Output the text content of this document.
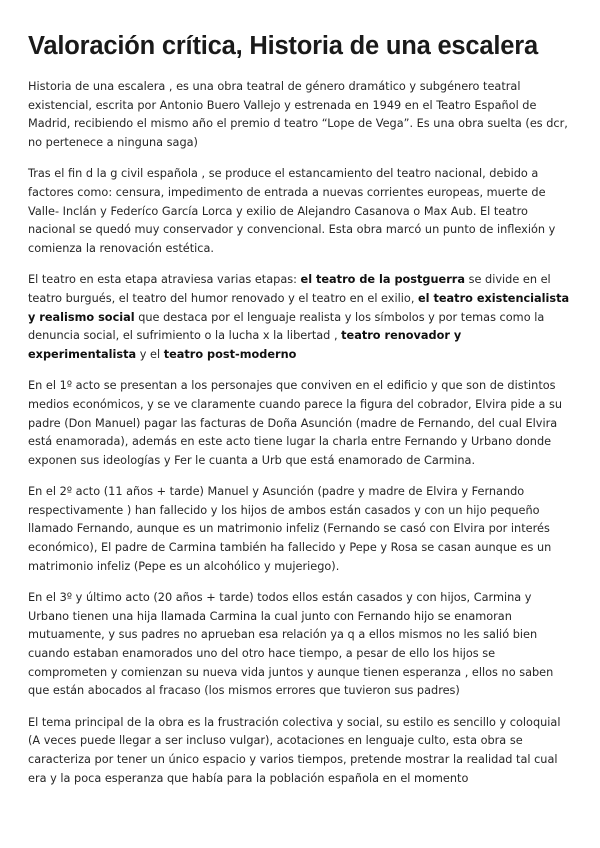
Valoración crítica, Historia de una escalera

Historia de una escalera , es una obra teatral de género dramático y subgénero teatral existencial, escrita por Antonio Buero Vallejo y estrenada en 1949 en el Teatro Español de Madrid, recibiendo el mismo año el premio d teatro “Lope de Vega”. Es una obra suelta (es dcr, no pertenece a ninguna saga)

Tras el fin d la g civil española , se produce el estancamiento del teatro nacional, debido a factores como: censura, impedimento de entrada a nuevas corrientes europeas, muerte de Valle- Inclán y Federíco García Lorca y exilio de Alejandro Casanova o Max Aub. El teatro nacional se quedó muy conservador y convencional. Esta obra marcó un punto de inflexión y comienza la renovación estética.

El teatro en esta etapa atraviesa varias etapas: el teatro de la postguerra se divide en el teatro burgués, el teatro del humor renovado y el teatro en el exilio, el teatro existencialista y realismo social que destaca por el lenguaje realista y los símbolos y por temas como la denuncia social, el sufrimiento o la lucha x la libertad , teatro renovador y experimentalista y el teatro post-moderno

En el 1º acto se presentan a los personajes que conviven en el edificio y que son de distintos medios económicos, y se ve claramente cuando parece la figura del cobrador, Elvira pide a su padre (Don Manuel) pagar las facturas de Doña Asunción (madre de Fernando, del cual Elvira está enamorada), además en este acto tiene lugar la charla entre Fernando y Urbano donde exponen sus ideologías y Fer le cuanta a Urb que está enamorado de Carmina.

En el 2º acto (11 años + tarde) Manuel y Asunción (padre y madre de Elvira y Fernando respectivamente ) han fallecido y los hijos de ambos están casados y con un hijo pequeño llamado Fernando, aunque es un matrimonio infeliz (Fernando se casó con Elvira por interés económico), El padre de Carmina también ha fallecido y Pepe y Rosa se casan aunque es un matrimonio infeliz (Pepe es un alcohólico y mujeriego).

En el 3º y último acto (20 años + tarde) todos ellos están casados y con hijos, Carmina y Urbano tienen una hija llamada Carmina la cual junto con Fernando hijo se enamoran mutuamente, y sus padres no aprueban esa relación ya q a ellos mismos no les salió bien cuando estaban enamorados uno del otro hace tiempo, a pesar de ello los hijos se comprometen y comienzan su nueva vida juntos y aunque tienen esperanza , ellos no saben que están abocados al fracaso (los mismos errores que tuvieron sus padres)

El tema principal de la obra es la frustración colectiva y social, su estilo es sencillo y coloquial (A veces puede llegar a ser incluso vulgar), acotaciones en lenguaje culto, esta obra se caracteriza por tener un único espacio y varios tiempos, pretende mostrar la realidad tal cual era y la poca esperanza que había para la población española en el momento
